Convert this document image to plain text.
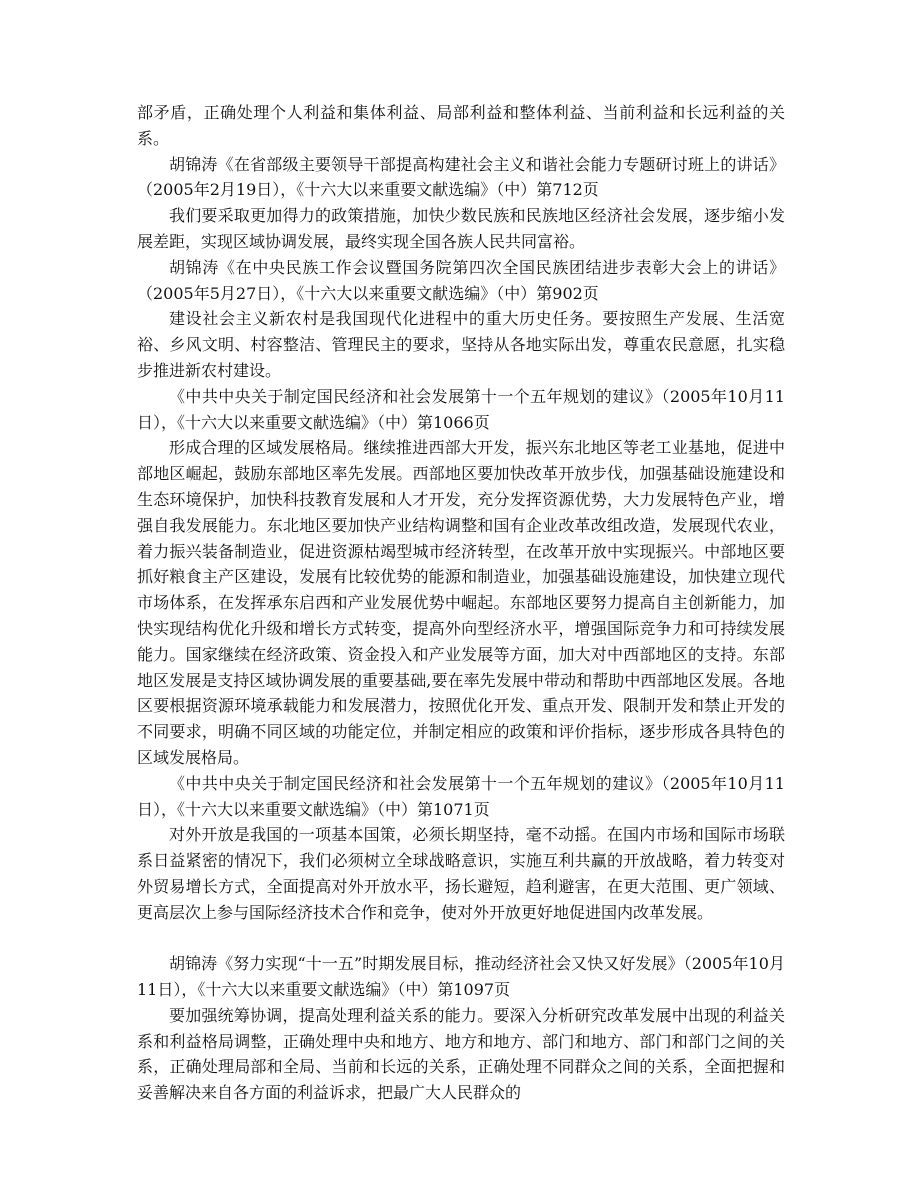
部矛盾，正确处理个人利益和集体利益、局部利益和整体利益、当前利益和长远利益的关系。

胡锦涛《在省部级主要领导干部提高构建社会主义和谐社会能力专题研讨班上的讲话》（2005年2月19日），《十六大以来重要文献选编》（中）第712页

我们要采取更加得力的政策措施，加快少数民族和民族地区经济社会发展，逐步缩小发展差距，实现区域协调发展，最终实现全国各族人民共同富裕。

胡锦涛《在中央民族工作会议暨国务院第四次全国民族团结进步表彰大会上的讲话》（2005年5月27日），《十六大以来重要文献选编》（中）第902页

建设社会主义新农村是我国现代化进程中的重大历史任务。要按照生产发展、生活宽裕、乡风文明、村容整洁、管理民主的要求，坚持从各地实际出发，尊重农民意愿，扎实稳步推进新农村建设。

《中共中央关于制定国民经济和社会发展第十一个五年规划的建议》（2005年10月11日），《十六大以来重要文献选编》（中）第1066页

形成合理的区域发展格局。继续推进西部大开发，振兴东北地区等老工业基地，促进中部地区崛起，鼓励东部地区率先发展。西部地区要加快改革开放步伐，加强基础设施建设和生态环境保护，加快科技教育发展和人才开发，充分发挥资源优势，大力发展特色产业，增强自我发展能力。东北地区要加快产业结构调整和国有企业改革改组改造，发展现代农业，着力振兴装备制造业，促进资源枯竭型城市经济转型，在改革开放中实现振兴。中部地区要抓好粮食主产区建设，发展有比较优势的能源和制造业，加强基础设施建设，加快建立现代市场体系，在发挥承东启西和产业发展优势中崛起。东部地区要努力提高自主创新能力，加快实现结构优化升级和增长方式转变，提高外向型经济水平，增强国际竞争力和可持续发展能力。国家继续在经济政策、资金投入和产业发展等方面，加大对中西部地区的支持。东部地区发展是支持区域协调发展的重要基础,要在率先发展中带动和帮助中西部地区发展。各地区要根据资源环境承载能力和发展潜力，按照优化开发、重点开发、限制开发和禁止开发的不同要求，明确不同区域的功能定位，并制定相应的政策和评价指标，逐步形成各具特色的区域发展格局。

《中共中央关于制定国民经济和社会发展第十一个五年规划的建议》（2005年10月11日），《十六大以来重要文献选编》（中）第1071页

对外开放是我国的一项基本国策，必须长期坚持，毫不动摇。在国内市场和国际市场联系日益紧密的情况下，我们必须树立全球战略意识，实施互利共赢的开放战略，着力转变对外贸易增长方式，全面提高对外开放水平，扬长避短，趋利避害，在更大范围、更广领域、更高层次上参与国际经济技术合作和竞争，使对外开放更好地促进国内改革发展。

胡锦涛《努力实现“十一五”时期发展目标，推动经济社会又快又好发展》（2005年10月11日），《十六大以来重要文献选编》（中）第1097页

要加强统筹协调，提高处理利益关系的能力。要深入分析研究改革发展中出现的利益关系和利益格局调整，正确处理中央和地方、地方和地方、部门和地方、部门和部门之间的关系，正确处理局部和全局、当前和长远的关系，正确处理不同群众之间的关系，全面把握和妥善解决来自各方面的利益诉求，把最广大人民群众的
